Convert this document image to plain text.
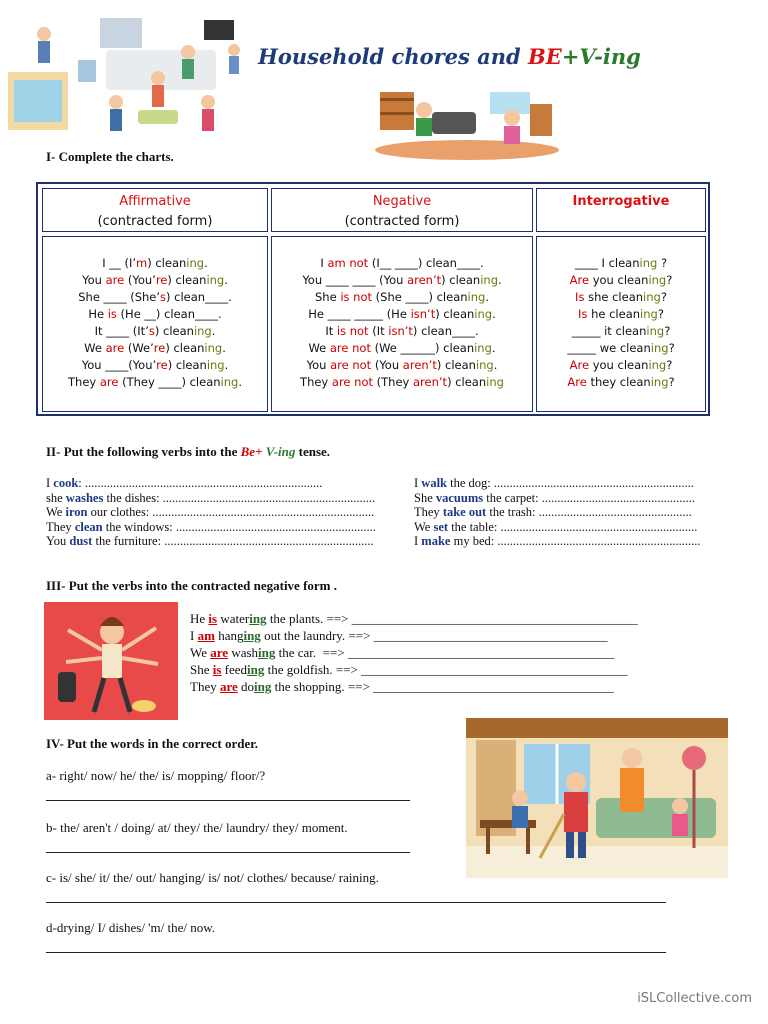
Household chores and BE+V-ing
I- Complete the charts.
Affirmative
(contracted form)
Negative
(contracted form)
Interrogative
I __ (I’m) cleaning.
You are (You’re) cleaning.
She ____ (She’s) clean____.
He is (He __) clean____.
It ____ (It’s) cleaning.
We are (We’re) cleaning.
You ____(You’re) cleaning.
They are (They ____) cleaning.
I am not (I__ ____) clean____.
You ____ ____ (You aren’t) cleaning.
She is not (She ____) cleaning.
He ____ _____ (He isn’t) cleaning.
It is not (It isn’t) clean____.
We are not (We ______) cleaning.
You are not (You aren’t) cleaning.
They are not (They aren’t) cleaning
____ I cleaning ?
Are you cleaning?
Is she cleaning?
Is he cleaning?
_____ it cleaning?
_____ we cleaning?
Are you cleaning?
Are they cleaning?
II- Put the following verbs into the Be+ V-ing tense.
I cook: ............................................................................
she washes the dishes: ....................................................................
We iron our clothes: .......................................................................
They clean the windows: ................................................................
You dust the furniture: ...................................................................
I walk the dog: ................................................................
She vacuums the carpet: .................................................
They take out the trash: .................................................
We set the table: ...............................................................
I make my bed: .................................................................
III- Put the verbs into the contracted negative form .
He is watering the plants. ==> ____________________________________________
I am hanging out the laundry. ==> ____________________________________
We are washing the car.  ==> _________________________________________
She is feeding the goldfish. ==> _________________________________________
They are doing the shopping. ==> _____________________________________
IV- Put the words in the correct order.
a- right/ now/ he/ the/ is/ mopping/ floor/?
b- the/ aren't / doing/ at/ they/ the/ laundry/ they/ moment.
c- is/ she/ it/ the/ out/ hanging/ is/ not/ clothes/ because/ raining.
d-drying/ I/ dishes/ 'm/ the/ now.
iSLCollective.com
